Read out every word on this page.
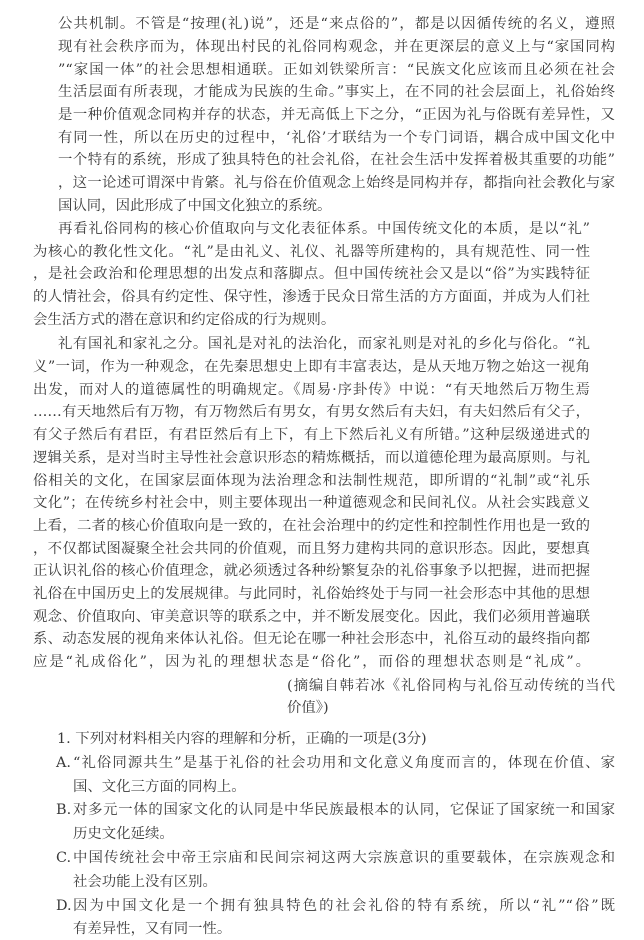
公共机制。不管是“按理(礼)说”，还是“来点俗的”，都是以因循传统的名义，遵照
现有社会秩序而为，体现出村民的礼俗同构观念，并在更深层的意义上与“家国同构
”“家国一体”的社会思想相通联。正如刘铁梁所言：“民族文化应该而且必须在社会
生活层面有所表现，才能成为民族的生命。”事实上，在不同的社会层面上，礼俗始终
是一种价值观念同构并存的状态，并无高低上下之分，“正因为礼与俗既有差异性，又
有同一性，所以在历史的过程中，‘礼俗’才联结为一个专门词语，耦合成中国文化中
一个特有的系统，形成了独具特色的社会礼俗，在社会生活中发挥着极其重要的功能”
，这一论述可谓深中肯綮。礼与俗在价值观念上始终是同构并存，都指向社会教化与家
国认同，因此形成了中国文化独立的系统。
再看礼俗同构的核心价值取向与文化表征体系。中国传统文化的本质，是以“礼”
为核心的教化性文化。“礼”是由礼义、礼仪、礼器等所建构的，具有规范性、同一性
，是社会政治和伦理思想的出发点和落脚点。但中国传统社会又是以“俗”为实践特征
的人情社会，俗具有约定性、保守性，渗透于民众日常生活的方方面面，并成为人们社
会生活方式的潜在意识和约定俗成的行为规则。
礼有国礼和家礼之分。国礼是对礼的法治化，而家礼则是对礼的乡化与俗化。“礼
义”一词，作为一种观念，在先秦思想史上即有丰富表达，是从天地万物之始这一视角
出发，而对人的道德属性的明确规定。《周易·序卦传》中说：“有天地然后万物生焉
……有天地然后有万物，有万物然后有男女，有男女然后有夫妇，有夫妇然后有父子，
有父子然后有君臣，有君臣然后有上下，有上下然后礼义有所错。”这种层级递进式的
逻辑关系，是对当时主导性社会意识形态的精炼概括，而以道德伦理为最高原则。与礼
俗相关的文化，在国家层面体现为法治理念和法制性规范，即所谓的“礼制”或“礼乐
文化”；在传统乡村社会中，则主要体现出一种道德观念和民间礼仪。从社会实践意义
上看，二者的核心价值取向是一致的，在社会治理中的约定性和控制性作用也是一致的
，不仅都试图凝聚全社会共同的价值观，而且努力建构共同的意识形态。因此，要想真
正认识礼俗的核心价值理念，就必须透过各种纷繁复杂的礼俗事象予以把握，进而把握
礼俗在中国历史上的发展规律。与此同时，礼俗始终处于与同一社会形态中其他的思想
观念、价值取向、审美意识等的联系之中，并不断发展变化。因此，我们必须用普遍联
系、动态发展的视角来体认礼俗。但无论在哪一种社会形态中，礼俗互动的最终指向都
应是“礼成俗化”，因为礼的理想状态是“俗化”，而俗的理想状态则是“礼成”。
(摘编自韩若冰《礼俗同构与礼俗互动传统的当代
价值》)
1. 下列对材料相关内容的理解和分析，正确的一项是(3分)
A. “礼俗同源共生”是基于礼俗的社会功用和文化意义角度而言的，体现在价值、家
国、文化三方面的同构上。
B. 对多元一体的国家文化的认同是中华民族最根本的认同，它保证了国家统一和国家
历史文化延续。
C. 中国传统社会中帝王宗庙和民间宗祠这两大宗族意识的重要载体，在宗族观念和
社会功能上没有区别。
D. 因为中国文化是一个拥有独具特色的社会礼俗的特有系统，所以“礼”“俗”既
有差异性，又有同一性。
